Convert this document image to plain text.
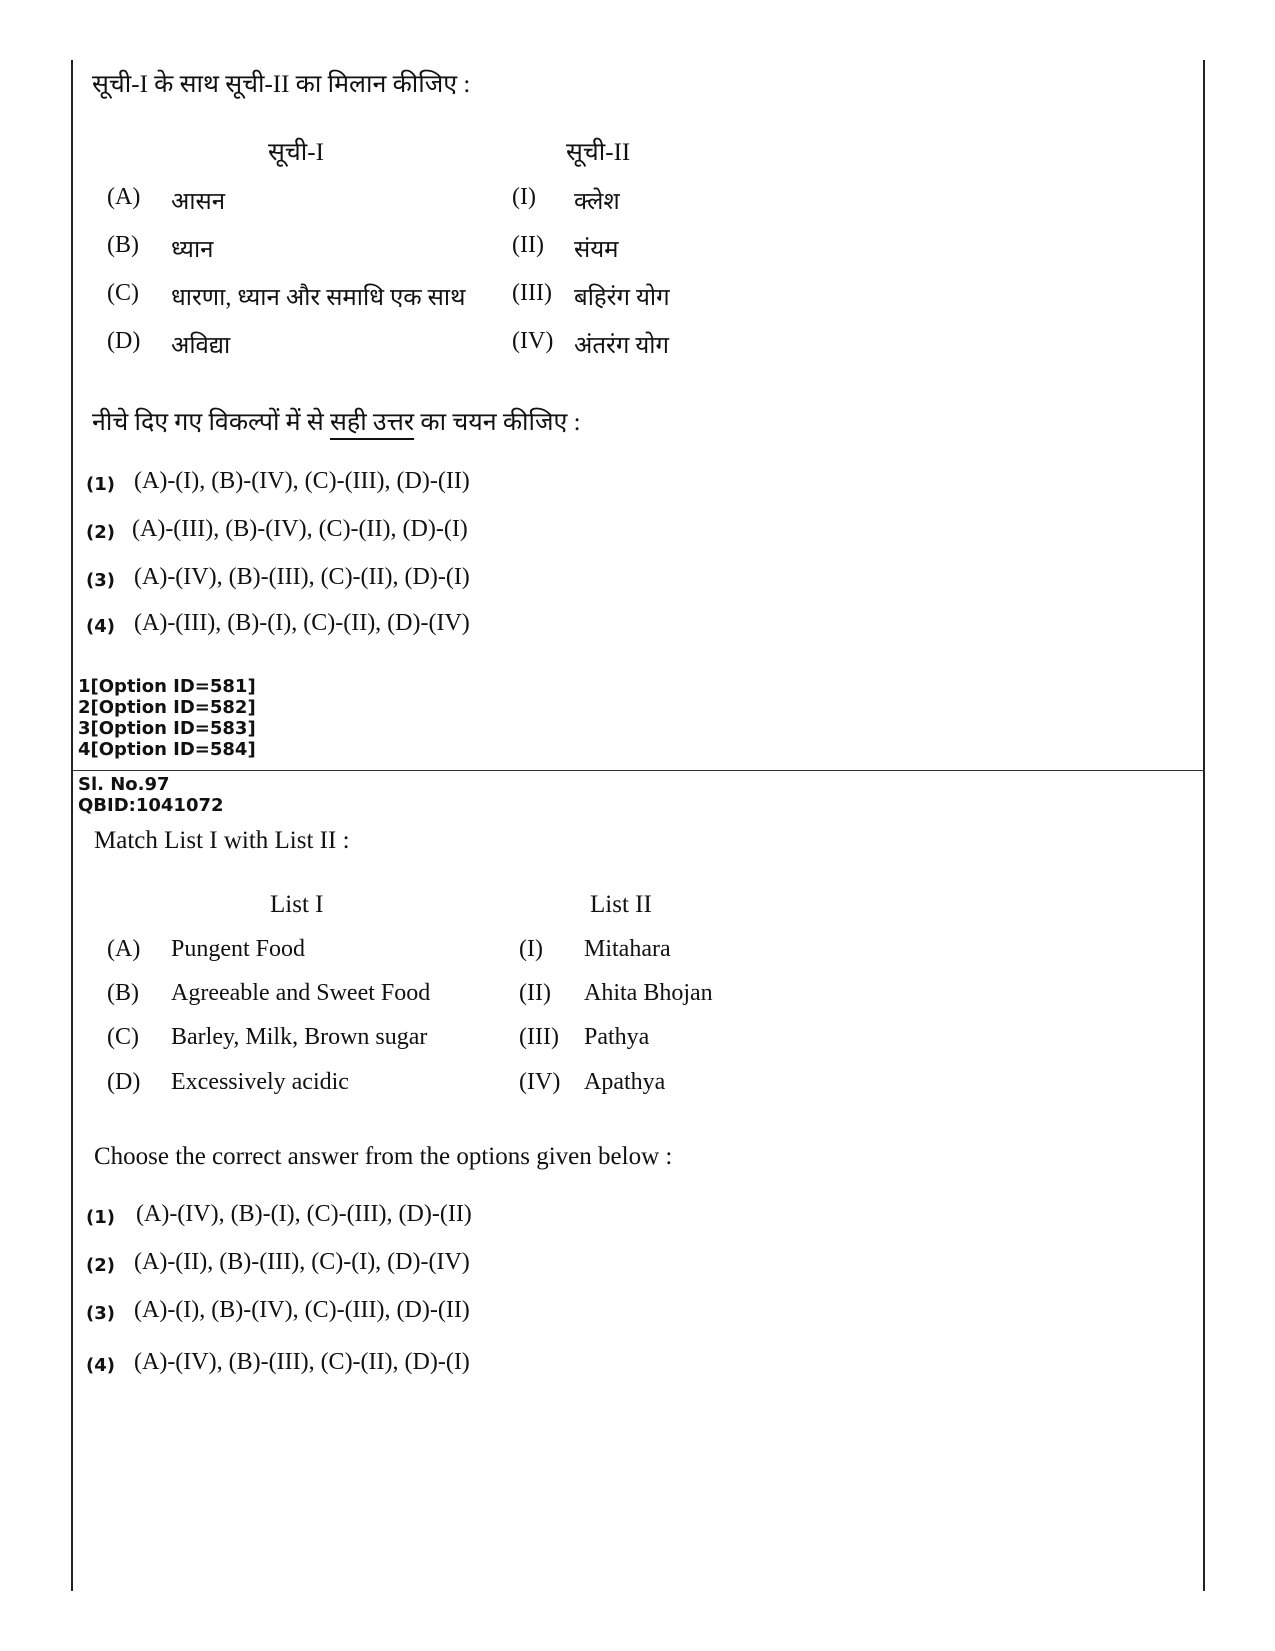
सूची-I के साथ सूची-II का मिलान कीजिए :
सूची-I	सूची-II
(A) आसन	(I) क्लेश
(B) ध्यान	(II) संयम
(C) धारणा, ध्यान और समाधि एक साथ (III) बहिरंग योग
(D) अविद्या	(IV) अंतरंग योग
नीचे दिए गए विकल्पों में से सही उत्तर का चयन कीजिए :
(1) (A)-(I), (B)-(IV), (C)-(III), (D)-(II)
(2) (A)-(III), (B)-(IV), (C)-(II), (D)-(I)
(3) (A)-(IV), (B)-(III), (C)-(II), (D)-(I)
(4) (A)-(III), (B)-(I), (C)-(II), (D)-(IV)
1[Option ID=581]
2[Option ID=582]
3[Option ID=583]
4[Option ID=584]
Sl. No.97
QBID:1041072
Match List I with List II :
List I	List II
(A) Pungent Food	(I) Mitahara
(B) Agreeable and Sweet Food	(II) Ahita Bhojan
(C) Barley, Milk, Brown sugar	(III) Pathya
(D) Excessively acidic	(IV) Apathya
Choose the correct answer from the options given below :
(1) (A)-(IV), (B)-(I), (C)-(III), (D)-(II)
(2) (A)-(II), (B)-(III), (C)-(I), (D)-(IV)
(3) (A)-(I), (B)-(IV), (C)-(III), (D)-(II)
(4) (A)-(IV), (B)-(III), (C)-(II), (D)-(I)
